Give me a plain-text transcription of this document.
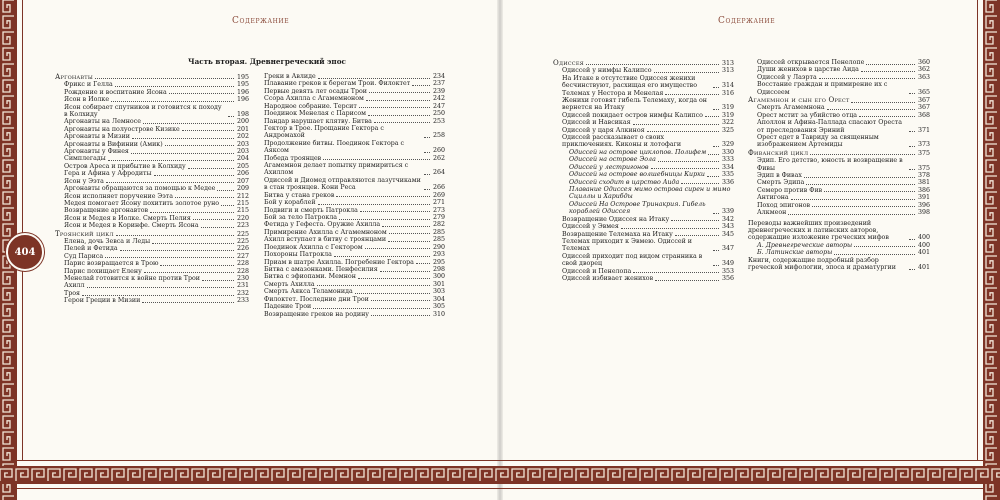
Содержание	Содержание
404
Часть вторая. Древнегреческий эпос
Аргонавты	195
Фрикс и Гелла	195
Рождение и воспитание Ясона	196
Ясон в Иолке	196
Ясон собирает спутников и готовится к походу в Колхиду	198
Аргонавты на Лемносе	200
Аргонавты на полуострове Кизике	201
Аргонавты в Мизии	202
Аргонавты в Вифинии (Амик)	203
Аргонавты у Финея	203
Симплегады	204
Остров Ареса и прибытие в Колхиду	205
Гера и Афина у Афродиты	206
Ясон у Ээта	207
Аргонавты обращаются за помощью к Медее	209
Ясон исполняет поручение Ээта	212
Медея помогает Ясону похитить золотое руно	215
Возвращение аргонавтов	215
Ясон и Медея в Иолке. Смерть Пелия	220
Ясон и Медея в Коринфе. Смерть Ясона	223
Троянский цикл	225
Елена, дочь Зевса и Леды	225
Пелей и Фетида	226
Суд Париса	227
Парис возвращается в Трою	228
Парис похищает Елену	228
Менелай готовится к войне против Трои	230
Ахилл	231
Троя	232
Герои Греции в Мизии	233
Греки в Авлиде	234
Плавание греков к берегам Трои. Филоктет	237
Первые девять лет осады Трои	239
Ссора Ахилла с Агамемноном	242
Народное собрание. Терсит	247
Поединок Менелая с Парисом	250
Пандар нарушает клятву. Битва	253
Гектор в Трое. Прощание Гектора с Андромахой	258
Продолжение битвы. Поединок Гектора с Аяксом	260
Победа троянцев	262
Агамемнон делает попытку примириться с Ахиллом	264
Одиссей и Диомед отправляются лазутчиками в стан троянцев. Кони Реса	266
Битва у стана греков	269
Бой у кораблей	271
Подвиги и смерть Патрокла	273
Бой за тело Патрокла	279
Фетида у Гефеста. Оружие Ахилла	282
Примирение Ахилла с Агамемноном	285
Ахилл вступает в битву с троянцами	285
Поединок Ахилла с Гектором	290
Похороны Патрокла	293
Приам в шатре Ахилла. Погребение Гектора	295
Битва с амазонками. Пенфесилия	298
Битва с эфиопами. Мемнон	300
Смерть Ахилла	301
Смерть Аякса Теламонида	303
Филоктет. Последние дни Трои	304
Падение Трои	305
Возвращение греков на родину	310
Одиссея	313
Одиссей у нимфы Калипсо	313
На Итаке в отсутствие Одиссея женихи бесчинствуют, расхищая его имущество	314
Телемах у Нестора и Менелая	316
Женихи готовят гибель Телемаху, когда он вернется на Итаку	319
Одиссей покидает остров нимфы Калипсо	319
Одиссей и Навсикая	322
Одиссей у царя Алкиноя	325
Одиссей рассказывает о своих приключениях. Киконы и лотофаги	329
Одиссей на острове циклопов. Полифем	330
Одиссей на острове Эола	333
Одиссей у лестригонов	334
Одиссей на острове волшебницы Кирки	335
Одиссей сходит в царство Аида	336
Плавание Одиссея мимо острова сирен и мимо Сциллы и Харибды
Одиссей На Острове Тринакрия. Гибель кораблей Одиссея	339
Возвращение Одиссея на Итаку	342
Одиссей у Эвмея	343
Возвращение Телемаха на Итаку	345
Телемах приходит к Эвмею. Одиссей и Телемах	347
Одиссей приходит под видом странника в свой дворец	349
Одиссей и Пенелопа	353
Одиссей избивает женихов	356
Одиссей открывается Пенелопе	360
Души женихов в царстве Аида	362
Одиссей у Лаэрта	363
Восстание граждан и примирение их с Одиссеем	365
Агамемнон и сын его Орест	367
Смерть Агамемнона	367
Орест мстит за убийство отца	368
Аполлон и Афина-Паллада спасают Ореста от преследования Эриний	371
Орест едет в Тавриду за священным изображением Артемиды	373
Фиванский цикл	375
Эдип. Его детство, юность и возвращение в Фивы	375
Эдип в Фивах	378
Смерть Эдипа	381
Семеро против Фив	386
Антигона	391
Поход эпигонов	396
Алкмеон	398
Переводы важнейших произведений древнегреческих и латинских авторов, содержащие изложение греческих мифов	400
А. Древнегреческие авторы	400
Б. Латинские авторы	401
Книги, содержащие подробный разбор греческой мифологии, эпоса и драматургии	401
